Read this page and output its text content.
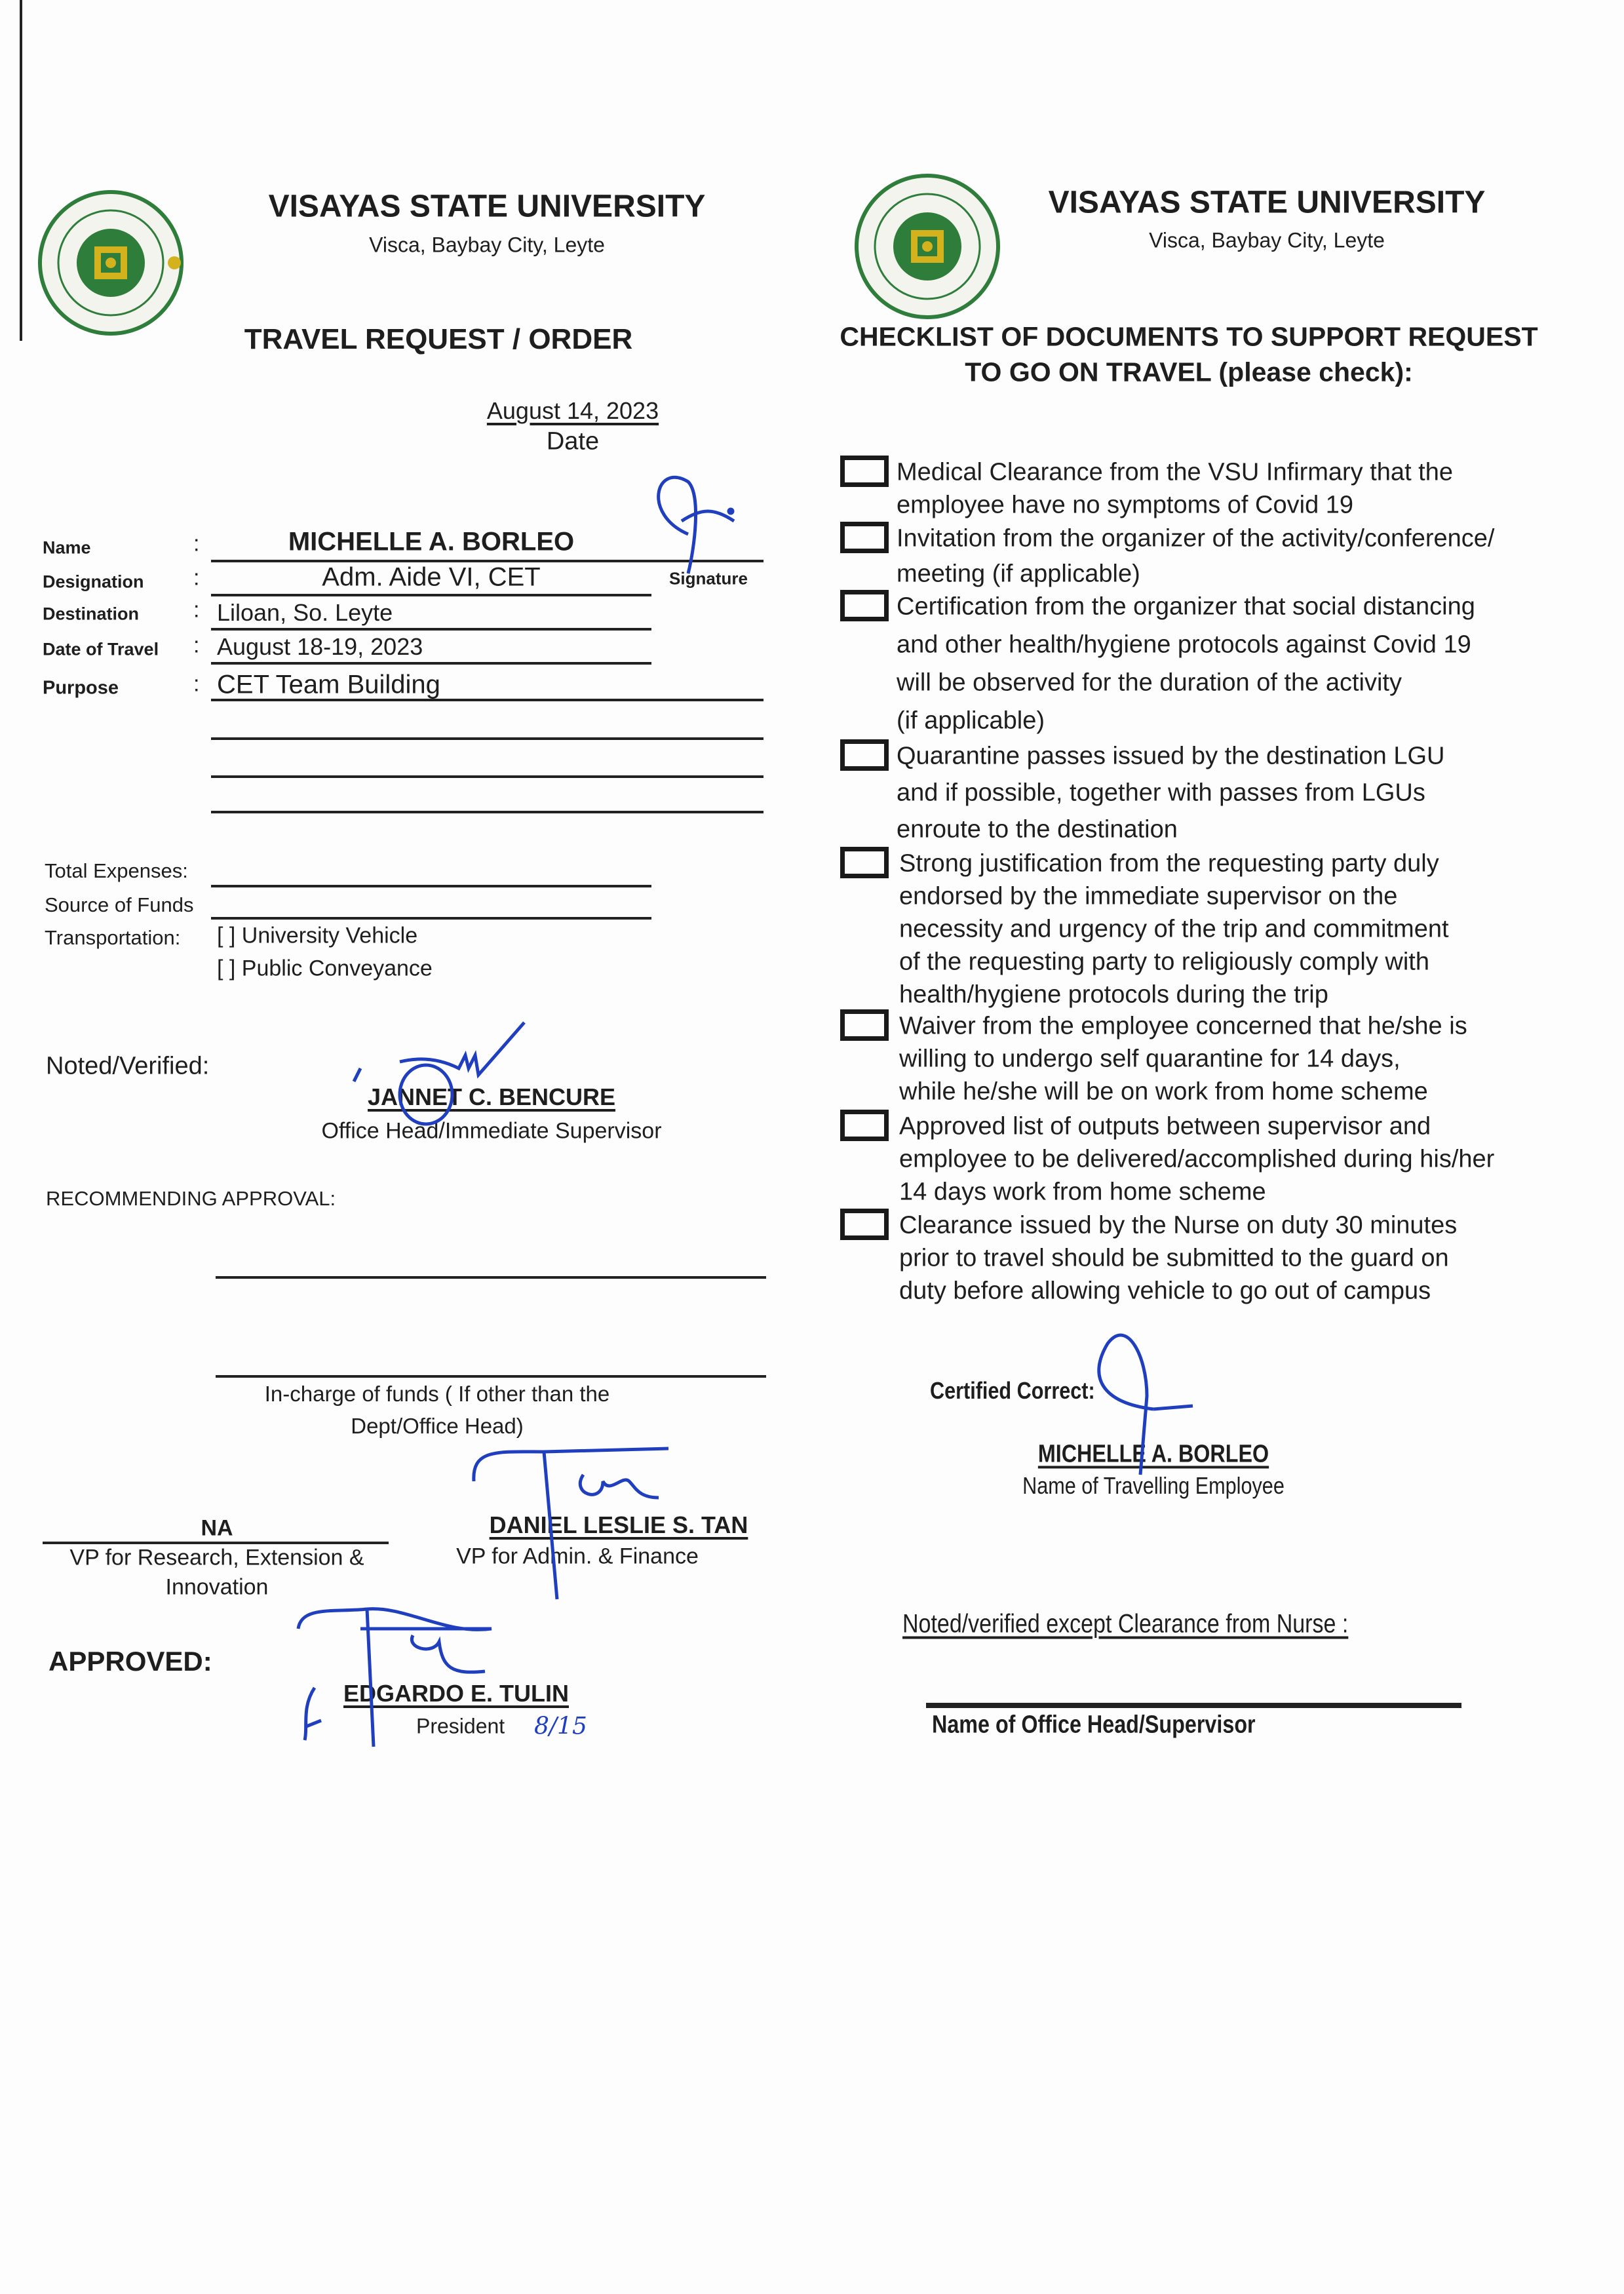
VISAYAS STATE UNIVERSITY
Visca, Baybay City, Leyte
TRAVEL REQUEST / ORDER
August 14, 2023
Date
Name	:	MICHELLE A. BORLEO
Signature
Designation :	Adm. Aide VI, CET
Destination : Liloan, So. Leyte
Date of Travel : August 18-19, 2023
Purpose	: CET Team Building
Total Expenses:
Source of Funds
Transportation: [ ] University Vehicle
[ ] Public Conveyance
Noted/Verified:
JANNET C. BENCURE
Office Head/Immediate Supervisor
RECOMMENDING APPROVAL:
In-charge of funds ( If other than the
Dept/Office Head)
NA
VP for Research, Extension &
Innovation
DANIEL LESLIE S. TAN
VP for Admin. & Finance
APPROVED:
EDGARDO E. TULIN
President 8/15
VISAYAS STATE UNIVERSITY
Visca, Baybay City, Leyte
CHECKLIST OF DOCUMENTS TO SUPPORT REQUEST
TO GO ON TRAVEL (please check):
Medical Clearance from the VSU Infirmary that the
employee have no symptoms of Covid 19
Invitation from the organizer of the activity/conference/
meeting (if applicable)
Certification from the organizer that social distancing
and other health/hygiene protocols against Covid 19
will be observed for the duration of the activity
(if applicable)
Quarantine passes issued by the destination LGU
and if possible, together with passes from LGUs
enroute to the destination
Strong justification from the requesting party duly
endorsed by the immediate supervisor on the
necessity and urgency of the trip and commitment
of the requesting party to religiously comply with
health/hygiene protocols during the trip
Waiver from the employee concerned that he/she is
willing to undergo self quarantine for 14 days,
while he/she will be on work from home scheme
Approved list of outputs between supervisor and
employee to be delivered/accomplished during his/her
14 days work from home scheme
Clearance issued by the Nurse on duty 30 minutes
prior to travel should be submitted to the guard on
duty before allowing vehicle to go out of campus
Certified Correct:
MICHELLE A. BORLEO
Name of Travelling Employee
Noted/verified except Clearance from Nurse :
Name of Office Head/Supervisor
